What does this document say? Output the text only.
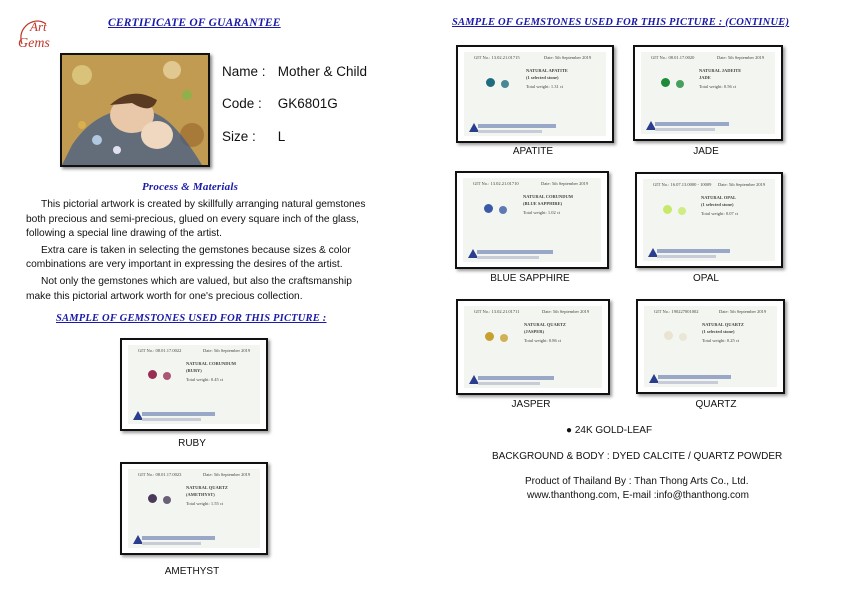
Art
Gems
CERTIFICATE OF GUARANTEE
Name : Mother & Child
Code : GK6801G
Size : L
Process & Materials

This pictorial artwork is created by skillfully arranging natural gemstones both precious and semi-precious, glued on every square inch of the glass, following a special line drawing of the artist.

Extra care is taken in selecting the gemstones because sizes & color combinations are very important in expressing the desires of the artist.

Not only the gemstones which are valued, but also the craftsmanship make this pictorial artwork worth for one's precious collection.

SAMPLE OF GEMSTONES USED FOR THIS PICTURE :
GIT No.: 08.01.17.0022	Date: 5th September 2019
NATURAL CORUNDUM
(RUBY)
Total weight: 0.45 ct
RUBY
GIT No.: 08.01.17.0023	Date: 5th September 2019
NATURAL QUARTZ
(AMETHYST)
Total weight: 1.55 ct
AMETHYST
SAMPLE OF GEMSTONES USED FOR THIS PICTURE : (CONTINUE)
GIT No.: 13.02.21.01715	Date: 5th September 2019
NATURAL APATITE
(1 selected stone)
Total weight: 1.31 ct
APATITE
GIT No.: 08.01.17.0020	Date: 5th September 2019
NATURAL JADEITE
JADE
Total weight: 0.56 ct
JADE
GIT No.: 13.02.21.01710	Date: 5th September 2019
NATURAL CORUNDUM
(BLUE SAPPHIRE)
Total weight: 1.02 ct
BLUE SAPPHIRE
GIT No.: 16.07.13.0000 - 10009 Date: 5th September 2019
NATURAL OPAL
(1 selected stone)
Total weight: 0.07 ct
OPAL
GIT No.: 13.02.21.01711	Date: 5th September 2019
NATURAL QUARTZ
(JASPER)
Total weight: 0.86 ct
JASPER
GIT No.: 190227001002	Date: 5th September 2019
NATURAL QUARTZ
(1 selected stone)
Total weight: 0.25 ct
QUARTZ
● 24K GOLD-LEAF
BACKGROUND & BODY : DYED CALCITE / QUARTZ POWDER
Product of Thailand By : Than Thong Arts Co., Ltd.
www.thanthong.com, E-mail :info@thanthong.com
